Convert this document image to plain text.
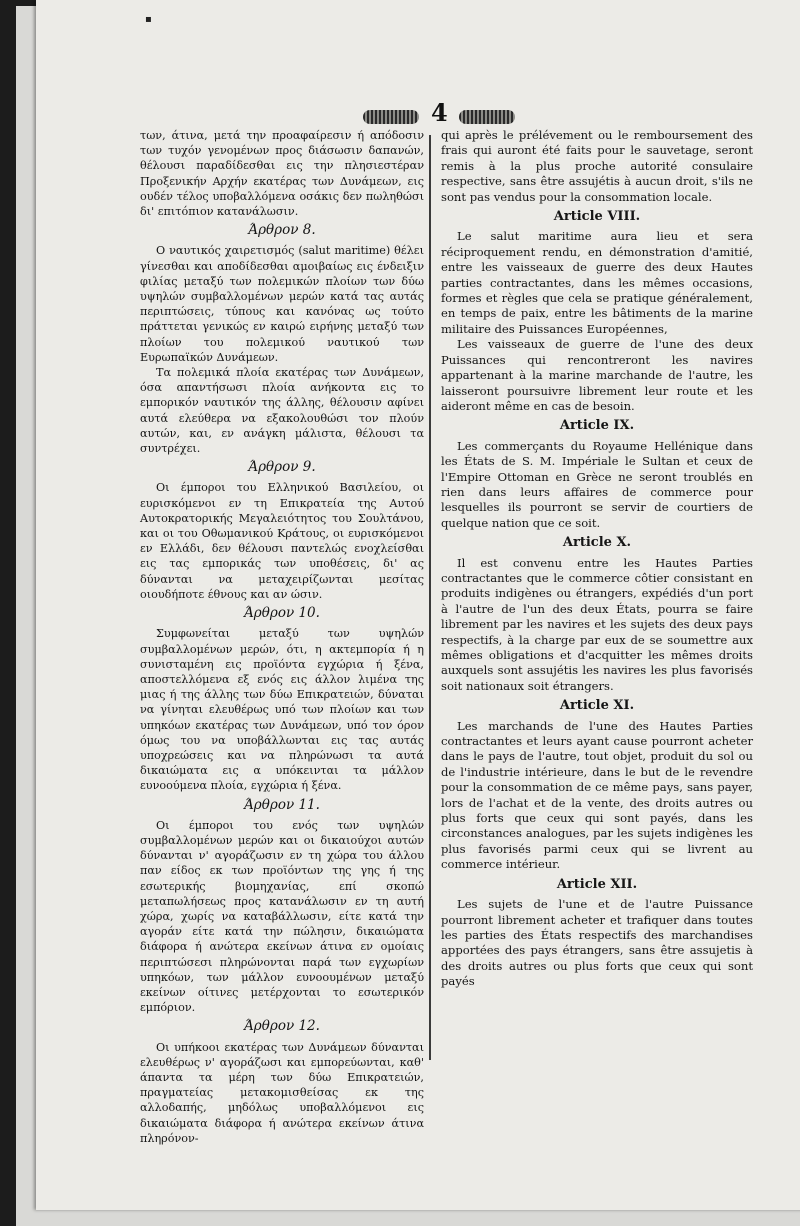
▪
4

των, άτινα, μετά την προαφαίρεσιν ή απόδοσιν των τυχόν γενομένων προς διάσωσιν δαπανών, θέλουσι παραδίδεσθαι εις την πλησιεστέραν Προξενικήν Αρχήν εκατέρας των Δυνάμεων, εις ουδέν τέλος υποβαλλόμενα οσάκις δεν πωληθώσι δι' επιτόπιον κατανάλωσιν.

Άρθρον 8.

Ο ναυτικός χαιρετισμός (salut maritime) θέλει γίνεσθαι και αποδίδεσθαι αμοιβαίως εις ένδειξιν φιλίας μεταξύ των πολεμικών πλοίων των δύω υψηλών συμβαλλομένων μερών κατά τας αυτάς περιπτώσεις, τύπους και κανόνας ως τούτο πράττεται γενικώς εν καιρώ ειρήνης μεταξύ των πλοίων του πολεμικού ναυτικού των Ευρωπαϊκών Δυνάμεων.

Τα πολεμικά πλοία εκατέρας των Δυνάμεων, όσα απαντήσωσι πλοία ανήκοντα εις το εμπορικόν ναυτικόν της άλλης, θέλουσιν αφίνει αυτά ελεύθερα να εξακολουθώσι τον πλούν αυτών, και, εν ανάγκη μάλιστα, θέλουσι τα συντρέχει.

Άρθρον 9.

Οι έμποροι του Ελληνικού Βασιλείου, οι ευρισκόμενοι εν τη Επικρατεία της Αυτού Αυτοκρατορικής Μεγαλειότητος του Σουλτάνου, και οι του Οθωμανικού Κράτους, οι ευρισκόμενοι εν Ελλάδι, δεν θέλουσι παντελώς ενοχλείσθαι εις τας εμπορικάς των υποθέσεις, δι' ας δύνανται να μεταχειρίζωνται μεσίτας οιουδήποτε έθνους και αν ώσιν.

Άρθρον 10.

Συμφωνείται μεταξύ των υψηλών συμβαλλομένων μερών, ότι, η ακτεμπορία ή η συνισταμένη εις προϊόντα εγχώρια ή ξένα, αποστελλόμενα εξ ενός εις άλλον λιμένα της μιας ή της άλλης των δύω Επικρατειών, δύναται να γίνηται ελευθέρως υπό των πλοίων και των υπηκόων εκατέρας των Δυνάμεων, υπό τον όρον όμως του να υποβάλλωνται εις τας αυτάς υποχρεώσεις και να πληρώνωσι τα αυτά δικαιώματα εις α υπόκεινται τα μάλλον ευνοούμενα πλοία, εγχώρια ή ξένα.

Άρθρον 11.

Οι έμποροι του ενός των υψηλών συμβαλλομένων μερών και οι δικαιούχοι αυτών δύνανται ν' αγοράζωσιν εν τη χώρα του άλλου παν είδος εκ των προϊόντων της γης ή της εσωτερικής βιομηχανίας, επί σκοπώ μεταπωλήσεως προς κατανάλωσιν εν τη αυτή χώρα, χωρίς να καταβάλλωσιν, είτε κατά την αγοράν είτε κατά την πώλησιν, δικαιώματα διάφορα ή ανώτερα εκείνων άτινα εν ομοίαις περιπτώσεσι πληρώνονται παρά των εγχωρίων υπηκόων, των μάλλον ευνοουμένων μεταξύ εκείνων οίτινες μετέρχονται το εσωτερικόν εμπόριον.

Άρθρον 12.

Οι υπήκοοι εκατέρας των Δυνάμεων δύνανται ελευθέρως ν' αγοράζωσι και εμπορεύωνται, καθ' άπαντα τα μέρη των δύω Επικρατειών, πραγματείας μετακομισθείσας εκ της αλλοδαπής, μηδόλως υποβαλλόμενοι εις δικαιώματα διάφορα ή ανώτερα εκείνων άτινα πληρόνον-

qui après le prélévement ou le remboursement des frais qui auront été faits pour le sauvetage, seront remis à la plus proche autorité consulaire respective, sans être assujétis à aucun droit, s'ils ne sont pas vendus pour la consommation locale.

Article VIII.

Le salut maritime aura lieu et sera réciproquement rendu, en démonstration d'amitié, entre les vaisseaux de guerre des deux Hautes parties contractantes, dans les mêmes occasions, formes et règles que cela se pratique généralement, en temps de paix, entre les bâtiments de la marine militaire des Puissances Européennes,

Les vaisseaux de guerre de l'une des deux Puissances qui rencontreront les navires appartenant à la marine marchande de l'autre, les laisseront poursuivre librement leur route et les aideront même en cas de besoin.

Article IX.

Les commerçants du Royaume Hellénique dans les États de S. M. Impériale le Sultan et ceux de l'Empire Ottoman en Grèce ne seront troublés en rien dans leurs affaires de commerce pour lesquelles ils pourront se servir de courtiers de quelque nation que ce soit.

Article X.

Il est convenu entre les Hautes Parties contractantes que le commerce côtier consistant en produits indigènes ou étrangers, expédiés d'un port à l'autre de l'un des deux États, pourra se faire librement par les navires et les sujets des deux pays respectifs, à la charge par eux de se soumettre aux mêmes obligations et d'acquitter les mêmes droits auxquels sont assujétis les navires les plus favorisés soit nationaux soit étrangers.

Article XI.

Les marchands de l'une des Hautes Parties contractantes et leurs ayant cause pourront acheter dans le pays de l'autre, tout objet, produit du sol ou de l'industrie intérieure, dans le but de le revendre pour la consommation de ce même pays, sans payer, lors de l'achat et de la vente, des droits autres ou plus forts que ceux qui sont payés, dans les circonstances analogues, par les sujets indigènes les plus favorisés parmi ceux qui se livrent au commerce intérieur.

Article XII.

Les sujets de l'une et de l'autre Puissance pourront librement acheter et trafiquer dans toutes les parties des États respectifs des marchandises apportées des pays étrangers, sans être assujetis à des droits autres ou plus forts que ceux qui sont payés
